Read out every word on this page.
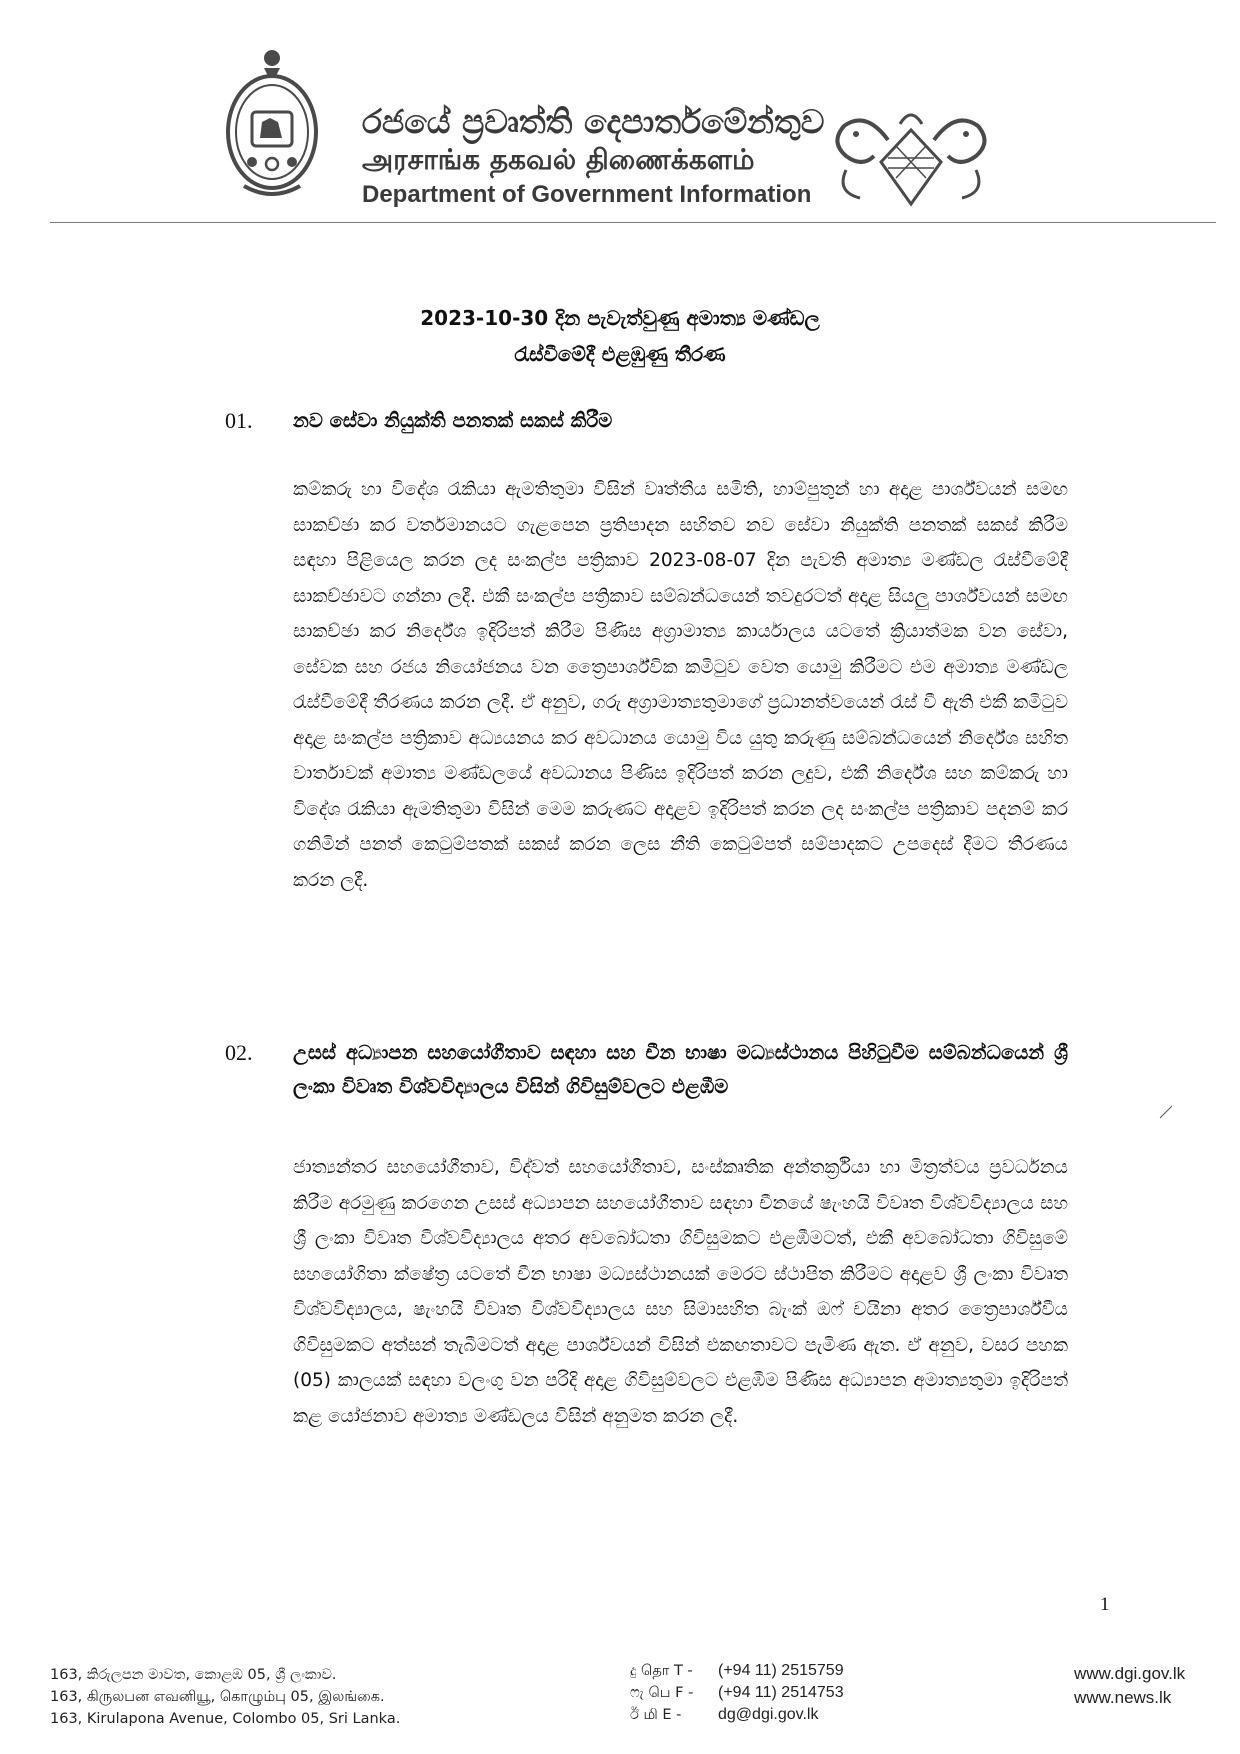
රජයේ ප්‍රවෘත්ති දෙපාර්තමේන්තුව
அரசாங்க தகவல் திணைக்களம்
Department of Government Information
2023-10-30 දින පැවැත්වුණු අමාත්‍ය මණ්ඩල
රැස්වීමේදී එළඹුණු තීරණ
01. නව සේවා නියුක්ති පනතක් සකස් කිරීම
කම්කරු හා විදේශ රැකියා ඇමතිතුමා විසින් වෘත්තීය සමිති, හාම්පුතුන් හා අදාළ පාර්ශ්වයන් සමඟ සාකච්ඡා කර වර්තමානයට ගැළපෙන ප්‍රතිපාදන සහිතව නව සේවා නියුක්ති පනතක් සකස් කිරීම සඳහා පිළියෙල කරන ලද සංකල්ප පත්‍රිකාව 2023-08-07 දින පැවති අමාත්‍ය මණ්ඩල රැස්වීමේදී සාකච්ඡාවට ගන්නා ලදී. එකී සංකල්ප පත්‍රිකාව සම්බන්ධයෙන් තවදුරටත් අදාළ සියලු පාර්ශ්වයන් සමඟ සාකච්ඡා කර නිර්දේශ ඉදිරිපත් කිරීම පිණිස අග්‍රාමාත්‍ය කාර්යාලය යටතේ ක්‍රියාත්මක වන සේවා, සේවක සහ රජය නියෝජනය වන ත්‍රෛපාර්ශ්වික කමිටුව වෙත යොමු කිරීමට එම අමාත්‍ය මණ්ඩල රැස්වීමේදී තීරණය කරන ලදී. ඒ අනුව, ගරු අග්‍රාමාත්‍යතුමාගේ ප්‍රධානත්වයෙන් රැස් වී ඇති එකී කමිටුව අදාළ සංකල්ප පත්‍රිකාව අධ්‍යයනය කර අවධානය යොමු විය යුතු කරුණු සම්බන්ධයෙන් නිර්දේශ සහිත වාර්තාවක් අමාත්‍ය මණ්ඩලයේ අවධානය පිණිස ඉදිරිපත් කරන ලදුව, එකී නිර්දේශ සහ කම්කරු හා විදේශ රැකියා ඇමතිතුමා විසින් මෙම කරුණට අදාළව ඉදිරිපත් කරන ලද සංකල්ප පත්‍රිකාව පදනම් කර ගනිමින් පනත් කෙටුම්පතක් සකස් කරන ලෙස නීති කෙටුම්පත් සම්පාදකට උපදෙස් දීමට තීරණය කරන ලදී.
02. උසස් අධ්‍යාපන සහයෝගීතාව සඳහා සහ චීන භාෂා මධ්‍යස්ථානය පිහිටුවීම සම්බන්ධයෙන් ශ්‍රී ලංකා විවෘත විශ්වවිද්‍යාලය විසින් ගිවිසුම්වලට එළඹීම
ජාත්‍යන්තර සහයෝගීතාව, විද්වත් සහයෝගීතාව, සංස්කෘතික අන්තර්ක්‍රියා හා මිත්‍රත්වය ප්‍රවර්ධනය කිරීම අරමුණු කරගෙන උසස් අධ්‍යාපන සහයෝගීතාව සඳහා චීනයේ ෂැංහයි විවෘත විශ්වවිද්‍යාලය සහ ශ්‍රී ලංකා විවෘත විශ්වවිද්‍යාලය අතර අවබෝධතා ගිවිසුමකට එළඹීමටත්, එකී අවබෝධතා ගිවිසුමේ සහයෝගිතා ක්ෂේත්‍ර යටතේ චීන භාෂා මධ්‍යස්ථානයක් මෙරට ස්ථාපිත කිරීමට අදාළව ශ්‍රී ලංකා විවෘත විශ්වවිද්‍යාලය, ෂැංහයි විවෘත විශ්වවිද්‍යාලය සහ සිමාසහිත බැංක් ඔෆ් චයිනා අතර ත්‍රෛපාර්ශ්වීය ගිවිසුමකට අත්සන් තැබීමටත් අදාළ පාර්ශ්වයන් විසින් එකඟතාවට පැමිණ ඇත. ඒ අනුව, වසර පහක (05) කාලයක් සඳහා වලංගු වන පරිදි අදාළ ගිවිසුම්වලට එළඹීම පිණිස අධ්‍යාපන අමාත්‍යතුමා ඉදිරිපත් කළ යෝජනාව අමාත්‍ය මණ්ඩලය විසින් අනුමත කරන ලදී.
1
163, කිරුලපන මාවත, කොළඹ 05, ශ්‍රී ලංකාව.
163, கிருலபன எவனியூ, கொழும்பு 05, இலங்கை.
163, Kirulapona Avenue, Colombo 05, Sri Lanka.
දු தொ T -	(+94 11) 2515759
ෆැ பெ F -	(+94 11) 2514753
ඊ மி E -	dg@dgi.gov.lk
www.dgi.gov.lk
www.news.lk
